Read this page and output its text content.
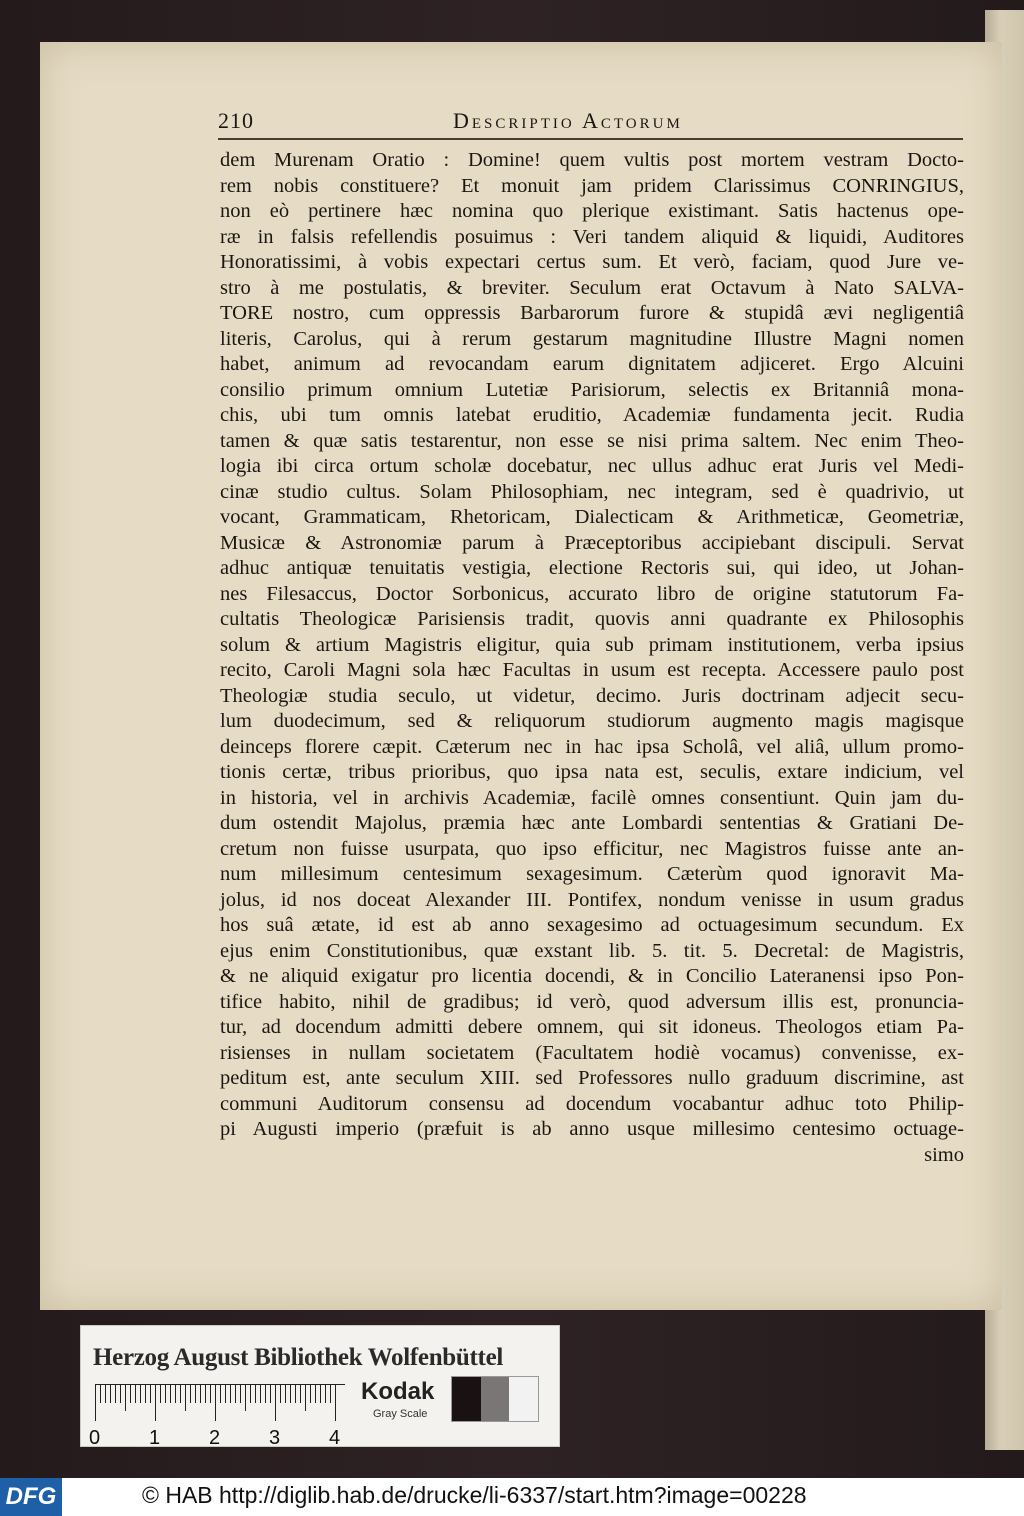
210	Descriptio Actorum
dem Murenam Oratio : Domine! quem vultis post mortem vestram Docto-
rem nobis constituere? Et monuit jam pridem Clarissimus CONRINGIUS,
non eò pertinere hæc nomina quo plerique existimant. Satis hactenus ope-
ræ in falsis refellendis posuimus : Veri tandem aliquid & liquidi, Auditores
Honoratissimi, à vobis expectari certus sum. Et verò, faciam, quod Jure ve-
stro à me postulatis, & breviter. Seculum erat Octavum à Nato SALVA-
TORE nostro, cum oppressis Barbarorum furore & stupidâ ævi negligentiâ
literis, Carolus, qui à rerum gestarum magnitudine Illustre Magni nomen
habet, animum ad revocandam earum dignitatem adjiceret. Ergo Alcuini
consilio primum omnium Lutetiæ Parisiorum, selectis ex Britanniâ mona-
chis, ubi tum omnis latebat eruditio, Academiæ fundamenta jecit. Rudia
tamen & quæ satis testarentur, non esse se nisi prima saltem. Nec enim Theo-
logia ibi circa ortum scholæ docebatur, nec ullus adhuc erat Juris vel Medi-
cinæ studio cultus. Solam Philosophiam, nec integram, sed è quadrivio, ut
vocant, Grammaticam, Rhetoricam, Dialecticam & Arithmeticæ, Geometriæ,
Musicæ & Astronomiæ parum à Præceptoribus accipiebant discipuli. Servat
adhuc antiquæ tenuitatis vestigia, electione Rectoris sui, qui ideo, ut Johan-
nes Filesaccus, Doctor Sorbonicus, accurato libro de origine statutorum Fa-
cultatis Theologicæ Parisiensis tradit, quovis anni quadrante ex Philosophis
solum & artium Magistris eligitur, quia sub primam institutionem, verba ipsius
recito, Caroli Magni sola hæc Facultas in usum est recepta. Accessere paulo post
Theologiæ studia seculo, ut videtur, decimo. Juris doctrinam adjecit secu-
lum duodecimum, sed & reliquorum studiorum augmento magis magisque
deinceps florere cæpit. Cæterum nec in hac ipsa Scholâ, vel aliâ, ullum promo-
tionis certæ, tribus prioribus, quo ipsa nata est, seculis, extare indicium, vel
in historia, vel in archivis Academiæ, facilè omnes consentiunt. Quin jam du-
dum ostendit Majolus, præmia hæc ante Lombardi sententias & Gratiani De-
cretum non fuisse usurpata, quo ipso efficitur, nec Magistros fuisse ante an-
num millesimum centesimum sexagesimum. Cæterùm quod ignoravit Ma-
jolus, id nos doceat Alexander III. Pontifex, nondum venisse in usum gradus
hos suâ ætate, id est ab anno sexagesimo ad octuagesimum secundum. Ex
ejus enim Constitutionibus, quæ exstant lib. 5. tit. 5. Decretal: de Magistris,
& ne aliquid exigatur pro licentia docendi, & in Concilio Lateranensi ipso Pon-
tifice habito, nihil de gradibus; id verò, quod adversum illis est, pronuncia-
tur, ad docendum admitti debere omnem, qui sit idoneus. Theologos etiam Pa-
risienses in nullam societatem (Facultatem hodiè vocamus) convenisse, ex-
peditum est, ante seculum XIII. sed Professores nullo graduum discrimine, ast
communi Auditorum consensu ad docendum vocabantur adhuc toto Philip-
pi Augusti imperio (præfuit is ab anno usque millesimo centesimo octuage-
simo
Herzog August Bibliothek Wolfenbüttel
0 1 2 3 4
Kodak
Gray Scale
DFG	© HAB http://diglib.hab.de/drucke/li-6337/start.htm?image=00228
